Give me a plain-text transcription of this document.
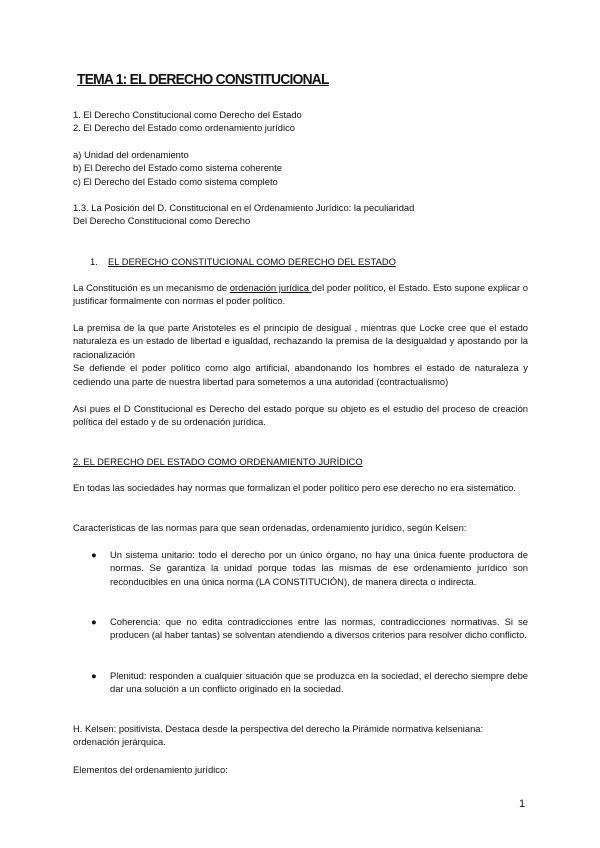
TEMA 1: EL DERECHO CONSTITUCIONAL
1. El Derecho Constitucional como Derecho del Estado
2. El Derecho del Estado como ordenamiento jurídico
a) Unidad del ordenamiento
b) El Derecho del Estado como sistema coherente
c) El Derecho del Estado como sistema completo
1.3. La Posición del D. Constitucional en el Ordenamiento Jurídico: la peculiaridad
Del Derecho Constitucional como Derecho
1. EL DERECHO CONSTITUCIONAL COMO DERECHO DEL ESTADO
La Constitución es un mecanismo de ordenación jurídica del poder político, el Estado. Esto supone explicar o justificar formalmente con normas el poder político.
La premisa de la que parte Aristoteles es el principio de desigual , mientras que Locke cree que el estado naturaleza es un estado de libertad e igualdad, rechazando la premisa de la desigualdad y apostando por la racionalización
Se defiende el poder político como algo artificial, abandonando los hombres el estado de naturaleza y cediendo una parte de nuestra libertad para sometemos a una autoridad (contractualismo)
Así pues el D Constitucional es Derecho del estado porque su objeto es el estudio del proceso de creación política del estado y de su ordenación jurídica.
2. EL DERECHO DEL ESTADO COMO ORDENAMIENTO JURÍDICO
En todas las sociedades hay normas que formalizan el poder político pero ese derecho no era sistemático.
Características de las normas para que sean ordenadas, ordenamiento jurídico, según Kelsen:
● Un sistema unitario: todo el derecho por un único órgano, no hay una única fuente productora de normas. Se garantiza la unidad porque todas las mismas de ese ordenamiento jurídico son reconducibles en una única norma (LA CONSTITUCIÓN), de manera directa o indirecta.
● Coherencia: que no edita contradicciones entre las normas, contradicciones normativas. Si se producen (al haber tantas) se solventan atendiendo a diversos criterios para resolver dicho conflicto.
● Plenitud: responden a cualquier situación que se produzca en la sociedad, el derecho siempre debe dar una solución a un conflicto originado en la sociedad.
H. Kelsen: positivista. Destaca desde la perspectiva del derecho la Pirámide normativa kelseniana: ordenación jerárquica.
Elementos del ordenamiento jurídico:
1
